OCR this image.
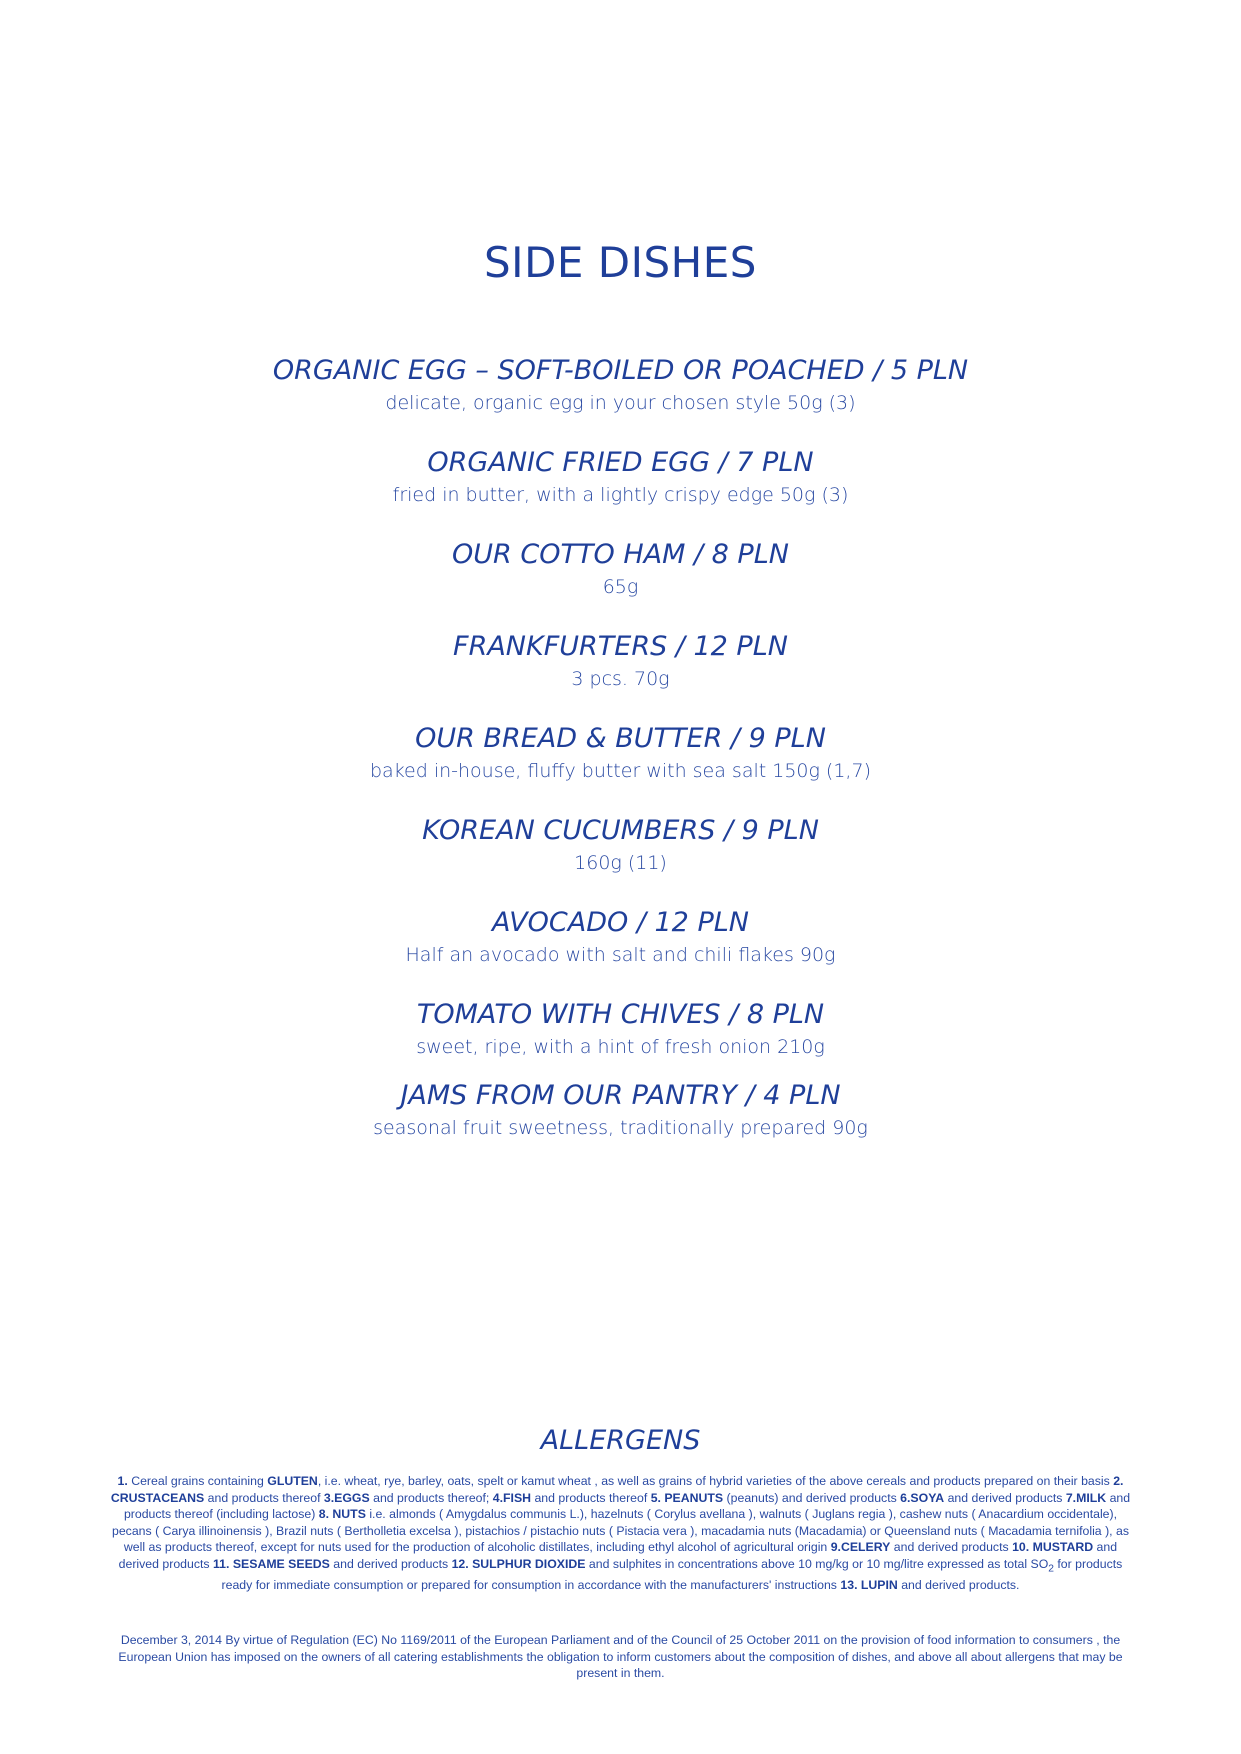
SIDE DISHES
ORGANIC EGG – SOFT-BOILED OR POACHED / 5 PLN
delicate, organic egg in your chosen style 50g (3)
ORGANIC FRIED EGG / 7 PLN
fried in butter, with a lightly crispy edge 50g (3)
OUR COTTO HAM / 8 PLN
65g
FRANKFURTERS / 12 PLN
3 pcs. 70g
OUR BREAD & BUTTER / 9 PLN
baked in-house, fluffy butter with sea salt 150g (1,7)
KOREAN CUCUMBERS / 9 PLN
160g (11)
AVOCADO / 12 PLN
Half an avocado with salt and chili flakes 90g
TOMATO WITH CHIVES / 8 PLN
sweet, ripe, with a hint of fresh onion 210g
JAMS FROM OUR PANTRY / 4 PLN
seasonal fruit sweetness, traditionally prepared 90g
ALLERGENS
1. Cereal grains containing GLUTEN, i.e. wheat, rye, barley, oats, spelt or kamut wheat , as well as grains of hybrid varieties of the above cereals and products prepared on their basis 2. CRUSTACEANS and products thereof 3.EGGS and products thereof; 4.FISH and products thereof 5. PEANUTS (peanuts) and derived products 6.SOYA and derived products 7.MILK and products thereof (including lactose) 8. NUTS i.e. almonds ( Amygdalus communis L.), hazelnuts ( Corylus avellana ), walnuts ( Juglans regia ), cashew nuts ( Anacardium occidentale), pecans ( Carya illinoinensis ), Brazil nuts ( Bertholletia excelsa ), pistachios / pistachio nuts ( Pistacia vera ), macadamia nuts (Macadamia) or Queensland nuts ( Macadamia ternifolia ), as well as products thereof, except for nuts used for the production of alcoholic distillates, including ethyl alcohol of agricultural origin 9.CELERY and derived products 10. MUSTARD and derived products 11. SESAME SEEDS and derived products 12. SULPHUR DIOXIDE and sulphites in concentrations above 10 mg/kg or 10 mg/litre expressed as total $SO_2$ for products ready for immediate consumption or prepared for consumption in accordance with the manufacturers' instructions 13. LUPIN and derived products.
December 3, 2014 By virtue of Regulation (EC) No 1169/2011 of the European Parliament and of the Council of 25 October 2011 on the provision of food information to consumers , the European Union has imposed on the owners of all catering establishments the obligation to inform customers about the composition of dishes, and above all about allergens that may be present in them.
